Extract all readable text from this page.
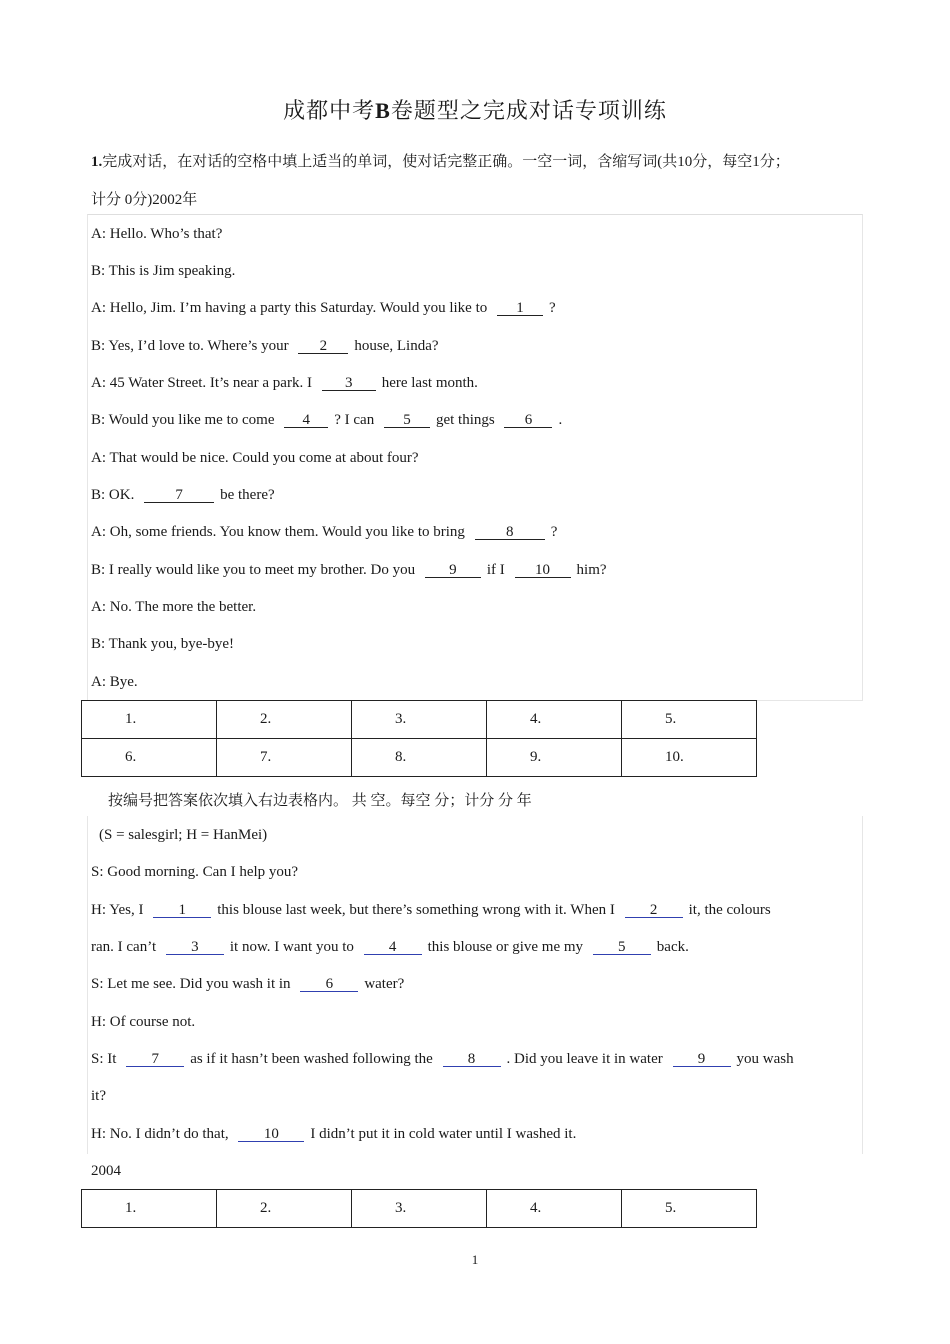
成都中考B卷题型之完成对话专项训练
1.完成对话，在对话的空格中填上适当的单词，使对话完整正确。一空一词，含缩写词(共10分，每空1分；
计分 0分)2002年
A: Hello. Who’s that?
B: This is Jim speaking.
A: Hello, Jim. I’m having a party this Saturday. Would you like to 1 ?
B: Yes, I’d love to. Where’s your 2 house, Linda?
A: 45 Water Street. It’s near a park. I 3 here last month.
B: Would you like me to come 4 ? I can 5 get things 6 .
A: That would be nice. Could you come at about four?
B: OK. 7 be there?
A: Oh, some friends. You know them. Would you like to bring 8 ?
B: I really would like you to meet my brother. Do you 9 if I 10 him?
A: No. The more the better.
B: Thank you, bye-bye!
A: Bye.
1.	2.	3.	4.	5.
6.	7.	8.	9.	10.
按编号把答案依次填入右边表格内。 共 空。每空 分；计分 分 年
(S = salesgirl; H = HanMei)
S: Good morning. Can I help you?
H: Yes, I 1 this blouse last week, but there’s something wrong with it. When I 2 it, the colours
ran. I can’t 3 it now. I want you to 4 this blouse or give me my 5 back.
S: Let me see. Did you wash it in 6 water?
H: Of course not.
S: It 7 as if it hasn’t been washed following the 8 . Did you leave it in water 9 you wash
it?
H: No. I didn’t do that, 10 I didn’t put it in cold water until I washed it.
2004
1.	2.	3.	4.	5.
1
